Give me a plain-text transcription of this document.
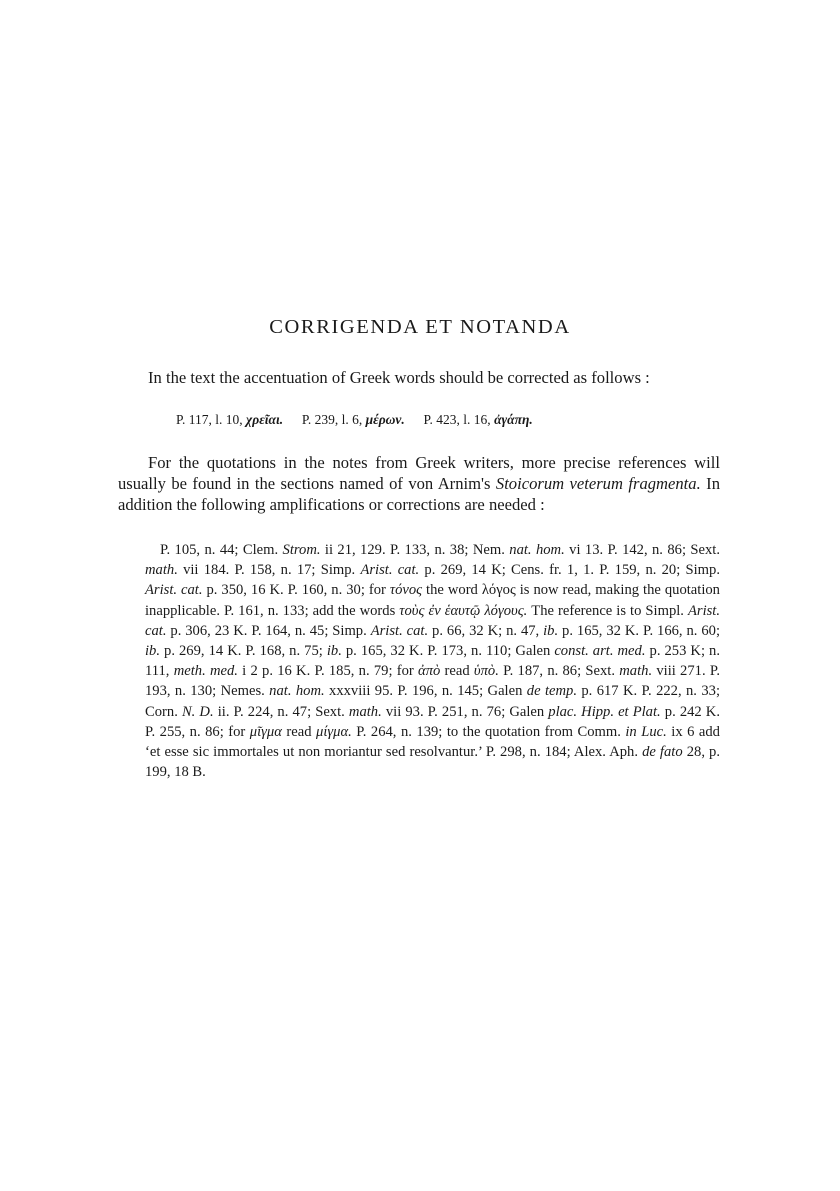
CORRIGENDA ET NOTANDA

In the text the accentuation of Greek words should be corrected as follows :

P. 117, l. 10, χρεῖαι. P. 239, l. 6, μέρων. P. 423, l. 16, ἀγάπη.

For the quotations in the notes from Greek writers, more precise references will usually be found in the sections named of von Arnim's Stoicorum veterum fragmenta. In addition the following amplifications or corrections are needed :

P. 105, n. 44; Clem. Strom. ii 21, 129. P. 133, n. 38; Nem. nat. hom. vi 13. P. 142, n. 86; Sext. math. vii 184. P. 158, n. 17; Simp. Arist. cat. p. 269, 14 K; Cens. fr. 1, 1. P. 159, n. 20; Simp. Arist. cat. p. 350, 16 K. P. 160, n. 30; for τόνος the word λόγος is now read, making the quotation inapplicable. P. 161, n. 133; add the words τοὺς ἐν ἑαυτῷ λόγους. The reference is to Simpl. Arist. cat. p. 306, 23 K. P. 164, n. 45; Simp. Arist. cat. p. 66, 32 K; n. 47, ib. p. 165, 32 K. P. 166, n. 60; ib. p. 269, 14 K. P. 168, n. 75; ib. p. 165, 32 K. P. 173, n. 110; Galen const. art. med. p. 253 K; n. 111, meth. med. i 2 p. 16 K. P. 185, n. 79; for ἀπὸ read ὑπὸ. P. 187, n. 86; Sext. math. viii 271. P. 193, n. 130; Nemes. nat. hom. xxxviii 95. P. 196, n. 145; Galen de temp. p. 617 K. P. 222, n. 33; Corn. N. D. ii. P. 224, n. 47; Sext. math. vii 93. P. 251, n. 76; Galen plac. Hipp. et Plat. p. 242 K. P. 255, n. 86; for μῖγμα read μίγμα. P. 264, n. 139; to the quotation from Comm. in Luc. ix 6 add ‘et esse sic immortales ut non moriantur sed resolvantur.’ P. 298, n. 184; Alex. Aph. de fato 28, p. 199, 18 B.
